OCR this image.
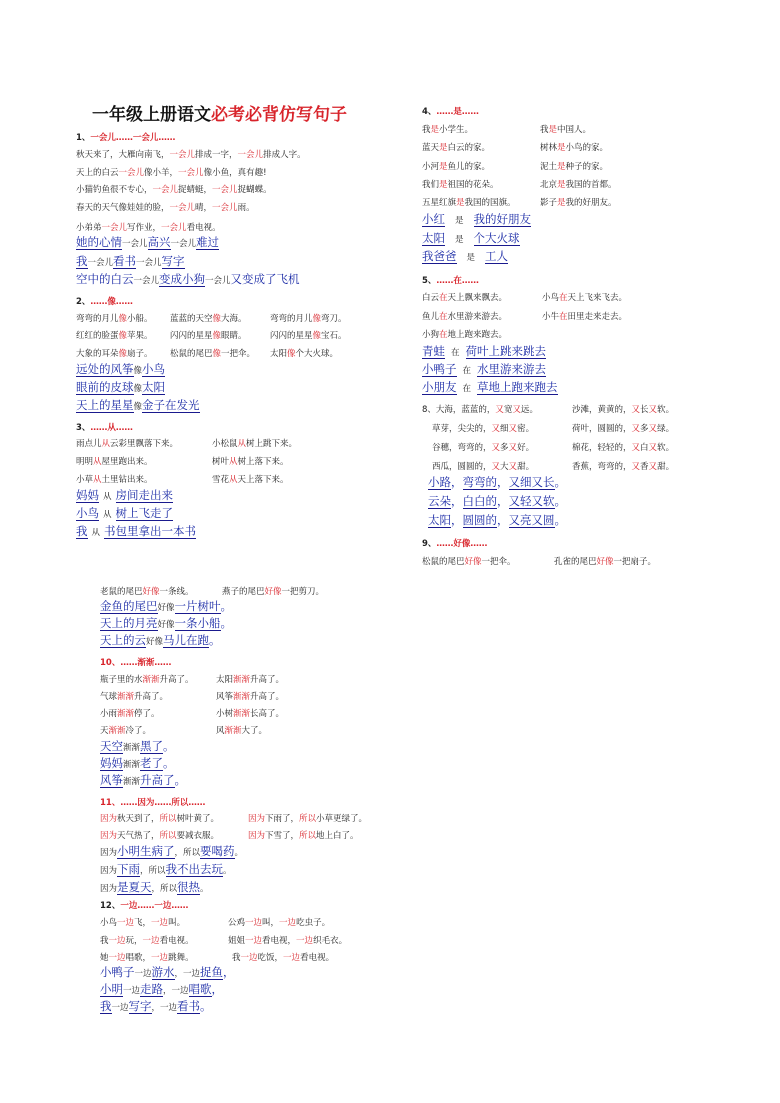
一年级上册语文必考必背仿写句子
1、一会儿……一会儿……
秋天来了，大雁向南飞，一会儿排成一字，一会儿排成人字。
天上的白云一会儿像小羊，一会儿像小鱼，真有趣!
小猫钓鱼很不专心，一会儿捉蜻蜓，一会儿捉蝴蝶。
春天的天气像娃娃的脸，一会儿晴，一会儿雨。
小弟弟一会儿写作业，一会儿看电视。
她的心情一会儿高兴一会儿难过
我一会儿看书一会儿写字
空中的白云一会儿变成小狗一会儿又变成了飞机
2、……像……
弯弯的月儿像小船。 蓝蓝的天空像大海。	弯弯的月儿像弯刀。
红红的脸蛋像苹果。 闪闪的星星像眼睛。	闪闪的星星像宝石。
大象的耳朵像扇子。 松鼠的尾巴像一把伞。 太阳像个大火球。
远处的风筝像小鸟
眼前的皮球像太阳
天上的星星像金子在发光
3、……从……
雨点儿从云彩里飘落下来。	小松鼠从树上跳下来。
明明从屋里跑出来。	树叶从树上落下来。
小草从土里钻出来。	雪花从天上落下来。
妈妈 从 房间走出来
小鸟 从 树上飞走了
我 从 书包里拿出一本书
4、……是……
我是小学生。	我是中国人。
蓝天是白云的家。	树林是小鸟的家。
小河是鱼儿的家。	泥土是种子的家。
我们是祖国的花朵。	北京是我国的首都。
五星红旗是我国的国旗。	影子是我的好朋友。
小红 是 我的好朋友
太阳 是 个大火球
我爸爸 是 工人
5、……在……
白云在天上飘来飘去。	小鸟在天上飞来飞去。
鱼儿在水里游来游去。	小牛在田里走来走去。
小狗在地上跑来跑去。
青蛙 在 荷叶上跳来跳去
小鸭子 在 水里游来游去
小朋友 在 草地上跑来跑去
8、大海，蓝蓝的，又宽又远。	沙滩，黄黄的，又长又软。
草芽，尖尖的，又细又密。	荷叶，圆圆的，又多又绿。
谷穗，弯弯的，又多又好。	棉花，轻轻的，又白又软。
西瓜，圆圆的，又大又甜。	香蕉，弯弯的，又香又甜。
小路，弯弯的，又细又长。
云朵，白白的，又轻又软。
太阳，圆圆的，又亮又圆。
9、……好像……
松鼠的尾巴好像一把伞。	孔雀的尾巴好像一把扇子。
老鼠的尾巴好像一条线。	燕子的尾巴好像一把剪刀。
金鱼的尾巴好像一片树叶。
天上的月亮好像一条小船。
天上的云好像马儿在跑。
10、……渐渐……
瓶子里的水渐渐升高了。	太阳渐渐升高了。
气球渐渐升高了。	风筝渐渐升高了。
小雨渐渐停了。	小树渐渐长高了。
天渐渐冷了。	风渐渐大了。
天空渐渐黑了。
妈妈渐渐老了。
风筝渐渐升高了。
11、……因为……所以……
因为秋天到了，所以树叶黄了。	因为下雨了，所以小草更绿了。
因为天气热了，所以要减衣服。	因为下雪了，所以地上白了。
因为小明生病了，所以要喝药。
因为下雨，所以我不出去玩。
因为是夏天，所以很热。
12、一边……一边……
小鸟一边飞，一边叫。	公鸡一边叫，一边吃虫子。
我一边玩，一边看电视。	姐姐一边看电视，一边织毛衣。
她一边唱歌，一边跳舞。	我一边吃饭，一边看电视。
小鸭子一边游水，一边捉鱼，
小明一边走路，一边唱歌，
我一边写字，一边看书。
